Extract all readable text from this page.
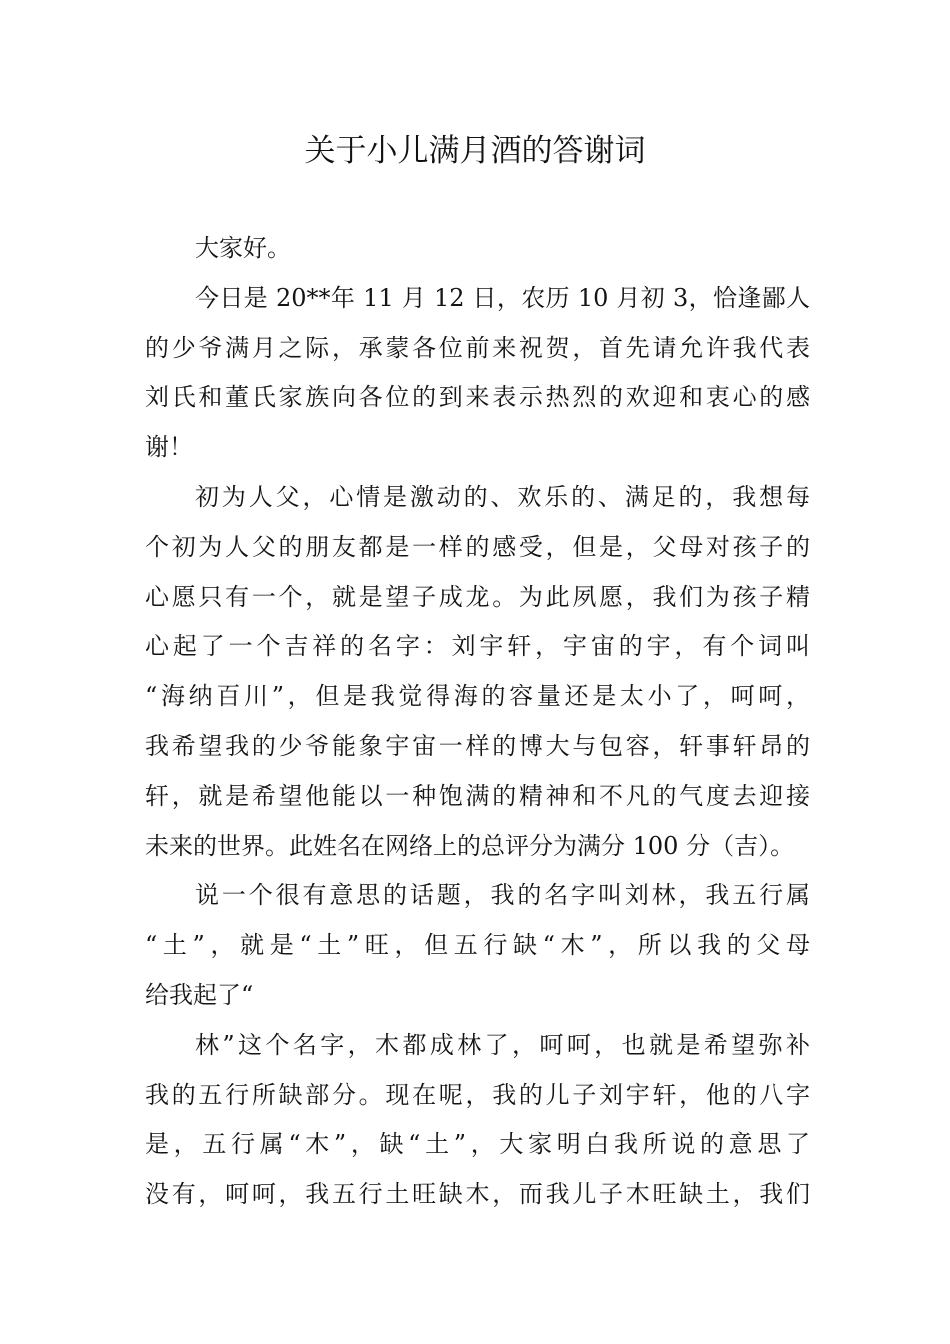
关于小儿满月酒的答谢词
大家好。
今日是 20**年 11 月 12 日，农历 10 月初 3，恰逢鄙人
的少爷满月之际，承蒙各位前来祝贺，首先请允许我代表
刘氏和董氏家族向各位的到来表示热烈的欢迎和衷心的感
谢！
初为人父，心情是激动的、欢乐的、满足的，我想每
个初为人父的朋友都是一样的感受，但是，父母对孩子的
心愿只有一个，就是望子成龙。为此夙愿，我们为孩子精
心起了一个吉祥的名字：刘宇轩，宇宙的宇，有个词叫
“海纳百川”，但是我觉得海的容量还是太小了，呵呵，
我希望我的少爷能象宇宙一样的博大与包容，轩事轩昂的
轩，就是希望他能以一种饱满的精神和不凡的气度去迎接
未来的世界。此姓名在网络上的总评分为满分 100 分（吉）。
说一个很有意思的话题，我的名字叫刘林，我五行属
“土”，就是“土”旺，但五行缺“木”，所以我的父母
给我起了“
林”这个名字，木都成林了，呵呵，也就是希望弥补
我的五行所缺部分。现在呢，我的儿子刘宇轩，他的八字
是，五行属“木”，缺“土”，大家明白我所说的意思了
没有，呵呵，我五行土旺缺木，而我儿子木旺缺土，我们
